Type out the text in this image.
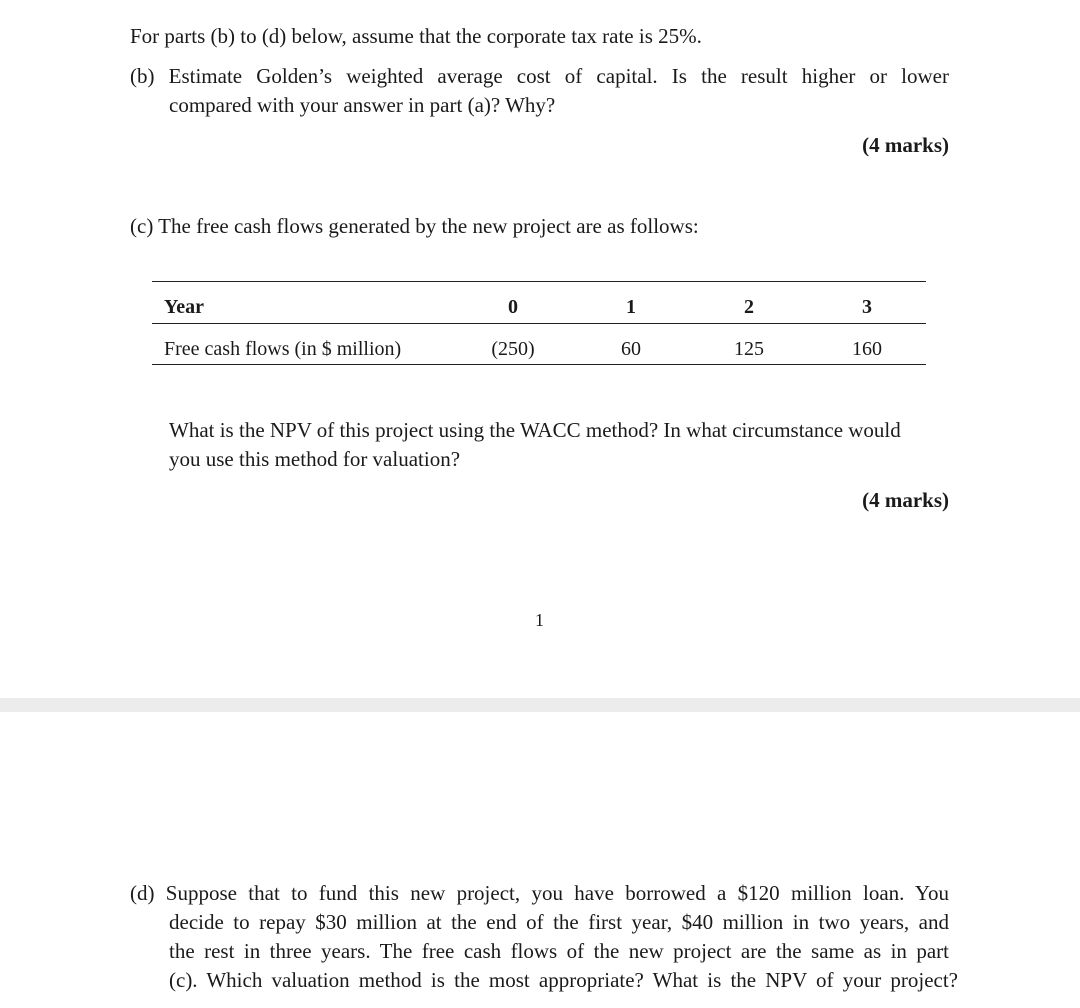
For parts (b) to (d) below, assume that the corporate tax rate is 25%.
(b) Estimate Golden’s weighted average cost of capital. Is the result higher or lower
compared with your answer in part (a)? Why?
(4 marks)
(c) The free cash flows generated by the new project are as follows:
Year	0	1	2	3
Free cash flows (in $ million)	(250)	60	125	160
What is the NPV of this project using the WACC method? In what circumstance would
you use this method for valuation?
(4 marks)
1
(d) Suppose that to fund this new project, you have borrowed a $120 million loan. You
decide to repay $30 million at the end of the first year, $40 million in two years, and
the rest in three years. The free cash flows of the new project are the same as in part
(c). Which valuation method is the most appropriate? What is the NPV of your project?
